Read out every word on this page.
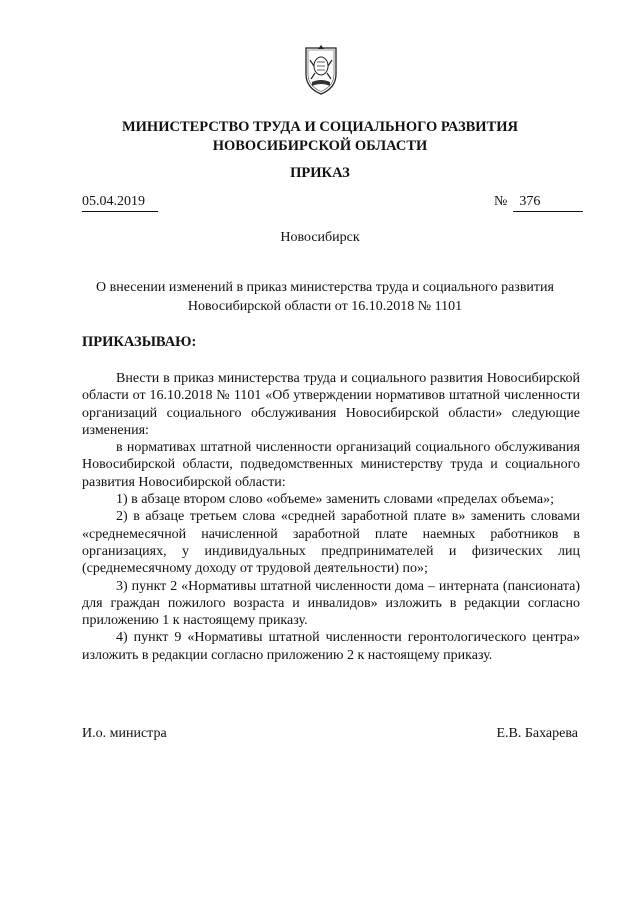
МИНИСТЕРСТВО ТРУДА И СОЦИАЛЬНОГО РАЗВИТИЯ
НОВОСИБИРСКОЙ ОБЛАСТИ
ПРИКАЗ
05.04.2019	№ 376
Новосибирск
О внесении изменений в приказ министерства труда и социального развития
Новосибирской области от 16.10.2018 № 1101
ПРИКАЗЫВАЮ:

Внести в приказ министерства труда и социального развития Новосибирской области от 16.10.2018 № 1101 «Об утверждении нормативов штатной численности организаций социального обслуживания Новосибирской области» следующие изменения:

в нормативах штатной численности организаций социального обслуживания Новосибирской области, подведомственных министерству труда и социального развития Новосибирской области:

1) в абзаце втором слово «объеме» заменить словами «пределах объема»;

2) в абзаце третьем слова «средней заработной плате в» заменить словами «среднемесячной начисленной заработной плате наемных работников в организациях, у индивидуальных предпринимателей и физических лиц (среднемесячному доходу от трудовой деятельности) по»;

3) пункт 2 «Нормативы штатной численности дома – интерната (пансионата) для граждан пожилого возраста и инвалидов» изложить в редакции согласно приложению 1 к настоящему приказу.

4) пункт 9 «Нормативы штатной численности геронтологического центра» изложить в редакции согласно приложению 2 к настоящему приказу.

И.о. министра	Е.В. Бахарева
